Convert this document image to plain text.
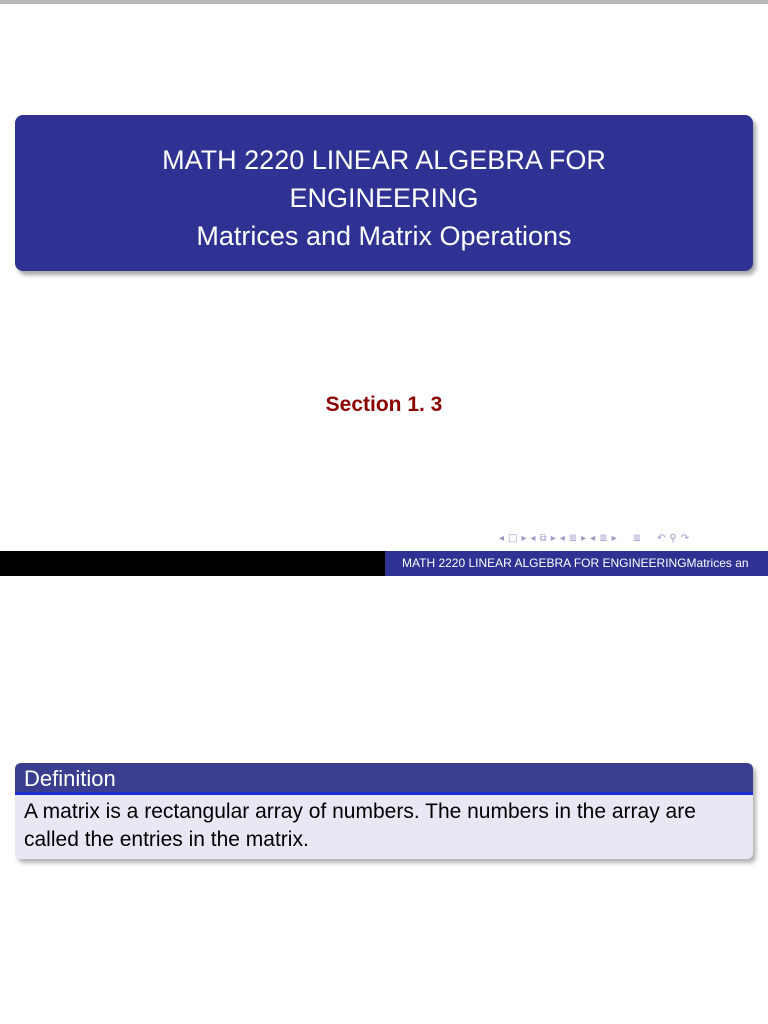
MATH 2220 LINEAR ALGEBRA FOR
ENGINEERING
Matrices and Matrix Operations
Section 1. 3
◂ □ ▸ ◂ ⧉ ▸ ◂ ≣ ▸ ◂ ≣ ▸ ≣ ↶ ⚲ ↷
MATH 2220 LINEAR ALGEBRA FOR ENGINEERINGMatrices an
Definition
A matrix is a rectangular array of numbers. The numbers in the array are called the entries in the matrix.
